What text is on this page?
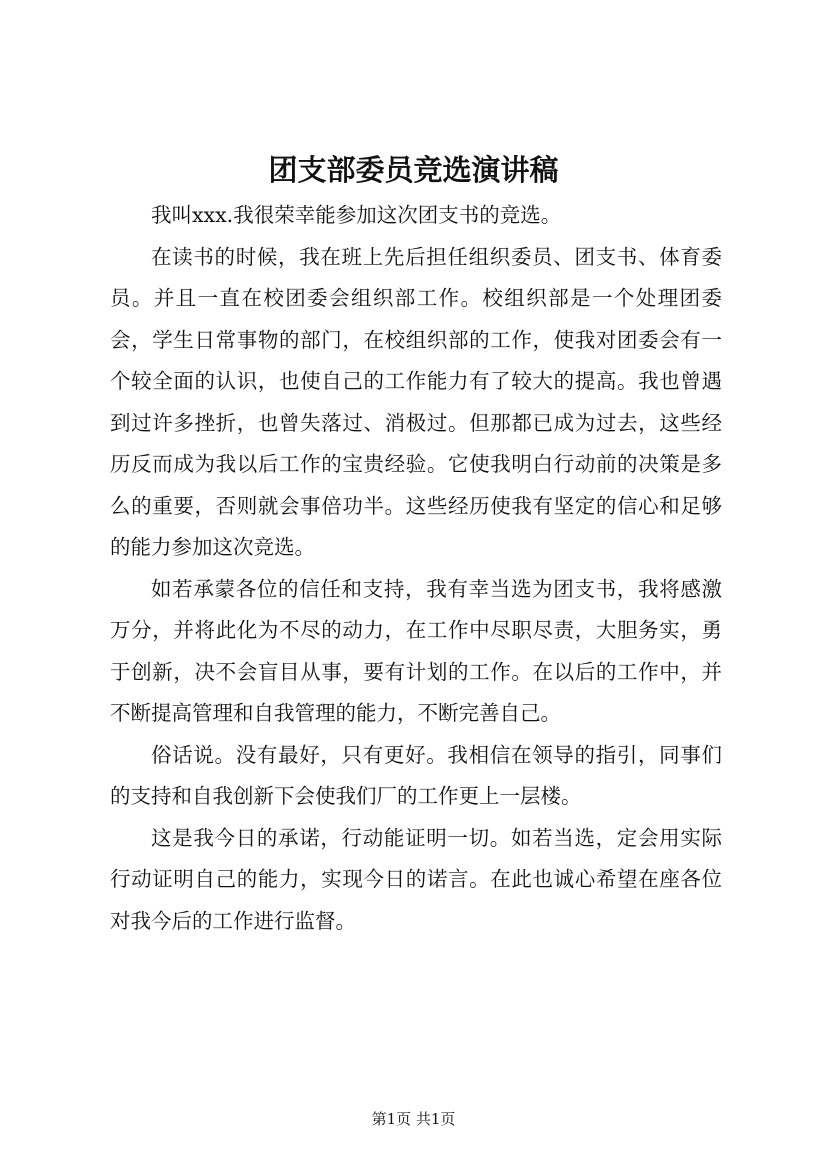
团支部委员竞选演讲稿

我叫xxx.我很荣幸能参加这次团支书的竞选。

在读书的时候，我在班上先后担任组织委员、团支书、体育委员。并且一直在校团委会组织部工作。校组织部是一个处理团委会，学生日常事物的部门，在校组织部的工作，使我对团委会有一个较全面的认识，也使自己的工作能力有了较大的提高。我也曾遇到过许多挫折，也曾失落过、消极过。但那都已成为过去，这些经历反而成为我以后工作的宝贵经验。它使我明白行动前的决策是多么的重要，否则就会事倍功半。这些经历使我有坚定的信心和足够的能力参加这次竞选。

如若承蒙各位的信任和支持，我有幸当选为团支书，我将感激万分，并将此化为不尽的动力，在工作中尽职尽责，大胆务实，勇于创新，决不会盲目从事，要有计划的工作。在以后的工作中，并不断提高管理和自我管理的能力，不断完善自己。

俗话说。没有最好，只有更好。我相信在领导的指引，同事们的支持和自我创新下会使我们厂的工作更上一层楼。

这是我今日的承诺，行动能证明一切。如若当选，定会用实际行动证明自己的能力，实现今日的诺言。在此也诚心希望在座各位对我今后的工作进行监督。

第1页 共1页
